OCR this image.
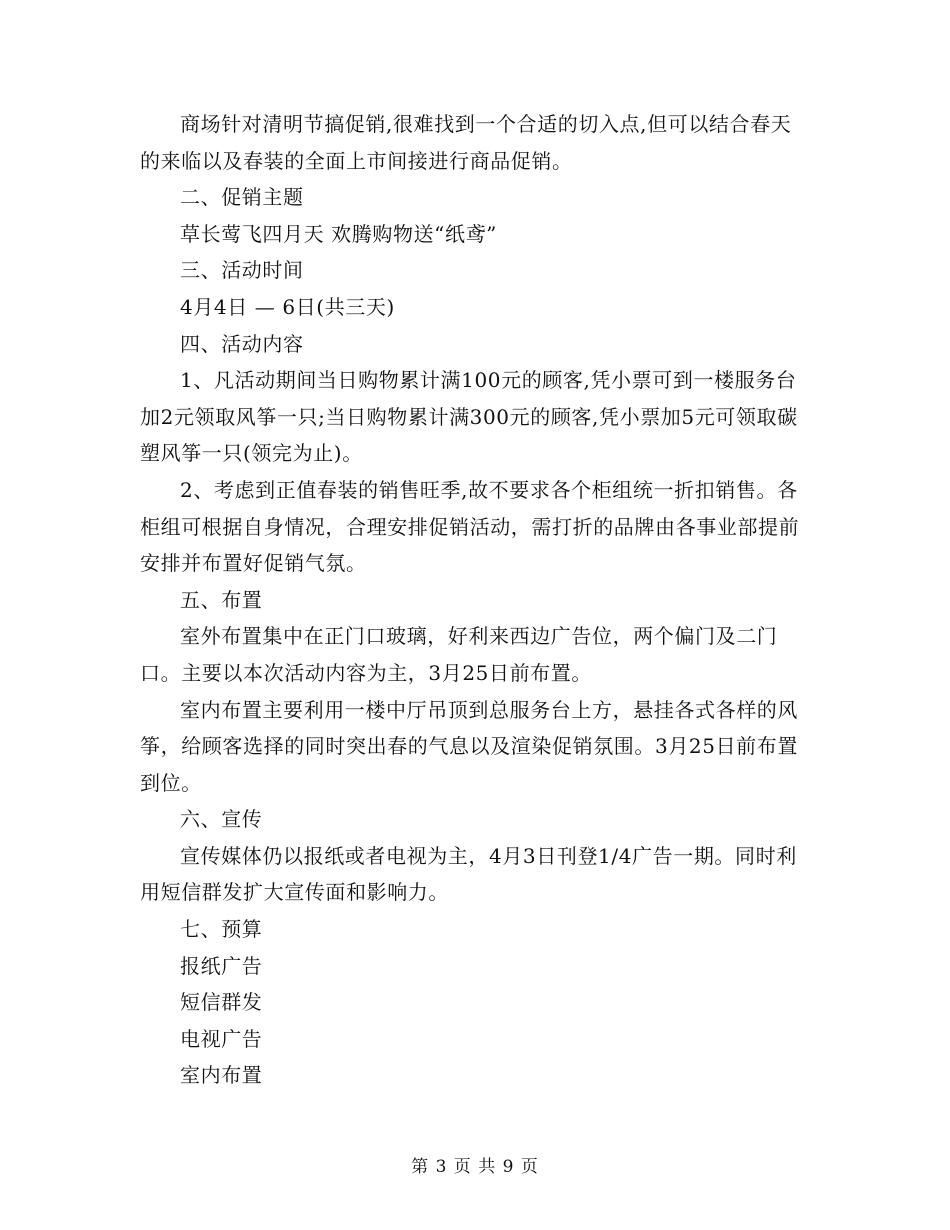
商场针对清明节搞促销,很难找到一个合适的切入点,但可以结合春天的来临以及春装的全面上市间接进行商品促销。

二、促销主题

草长莺飞四月天 欢腾购物送“纸鸢”

三、活动时间

4月4日 — 6日(共三天)

四、活动内容

1、凡活动期间当日购物累计满100元的顾客,凭小票可到一楼服务台加2元领取风筝一只;当日购物累计满300元的顾客,凭小票加5元可领取碳塑风筝一只(领完为止)。

2、考虑到正值春装的销售旺季,故不要求各个柜组统一折扣销售。各柜组可根据自身情况，合理安排促销活动，需打折的品牌由各事业部提前安排并布置好促销气氛。

五、布置

室外布置集中在正门口玻璃，好利来西边广告位，两个偏门及二门口。主要以本次活动内容为主，3月25日前布置。

室内布置主要利用一楼中厅吊顶到总服务台上方，悬挂各式各样的风筝，给顾客选择的同时突出春的气息以及渲染促销氛围。3月25日前布置到位。

六、宣传

宣传媒体仍以报纸或者电视为主，4月3日刊登1/4广告一期。同时利用短信群发扩大宣传面和影响力。

七、预算

报纸广告

短信群发

电视广告

室内布置

第 3 页 共 9 页
